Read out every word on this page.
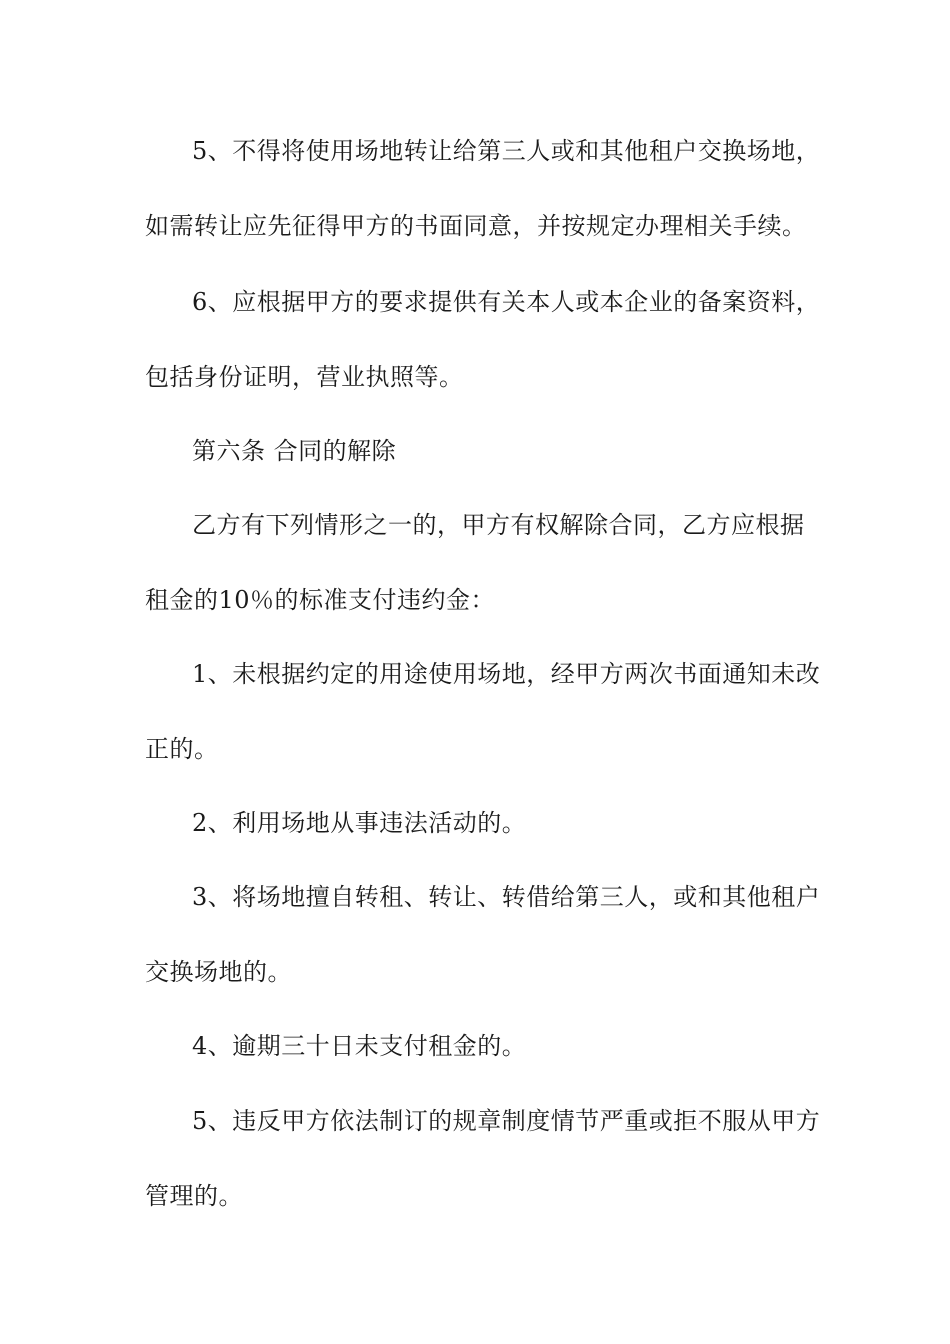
5、不得将使用场地转让给第三人或和其他租户交换场地，
如需转让应先征得甲方的书面同意，并按规定办理相关手续。
6、应根据甲方的要求提供有关本人或本企业的备案资料，
包括身份证明，营业执照等。
第六条 合同的解除
乙方有下列情形之一的，甲方有权解除合同，乙方应根据
租金的10％的标准支付违约金：
1、未根据约定的用途使用场地，经甲方两次书面通知未改
正的。
2、利用场地从事违法活动的。
3、将场地擅自转租、转让、转借给第三人，或和其他租户
交换场地的。
4、逾期三十日未支付租金的。
5、违反甲方依法制订的规章制度情节严重或拒不服从甲方
管理的。
